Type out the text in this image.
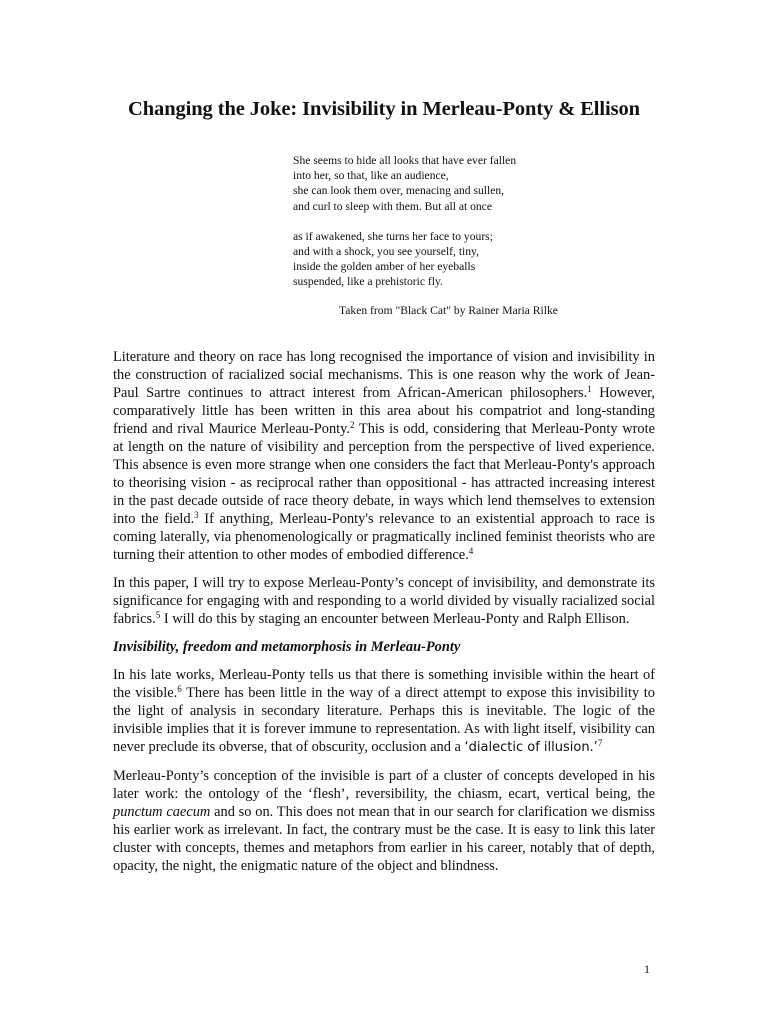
Changing the Joke: Invisibility in Merleau-Ponty & Ellison
She seems to hide all looks that have ever fallen
into her, so that, like an audience,
she can look them over, menacing and sullen,
and curl to sleep with them. But all at once
as if awakened, she turns her face to yours;
and with a shock, you see yourself, tiny,
inside the golden amber of her eyeballs
suspended, like a prehistoric fly.
Taken from "Black Cat" by Rainer Maria Rilke

Literature and theory on race has long recognised the importance of vision and invisibility in the construction of racialized social mechanisms. This is one reason why the work of Jean-Paul Sartre continues to attract interest from African-American philosophers.$^1$ However, comparatively little has been written in this area about his compatriot and long-standing friend and rival Maurice Merleau-Ponty.$^2$ This is odd, considering that Merleau-Ponty wrote at length on the nature of visibility and perception from the perspective of lived experience. This absence is even more strange when one considers the fact that Merleau-Ponty's approach to theorising vision - as reciprocal rather than oppositional - has attracted increasing interest in the past decade outside of race theory debate, in ways which lend themselves to extension into the field.$^3$ If anything, Merleau-Ponty's relevance to an existential approach to race is coming laterally, via phenomenologically or pragmatically inclined feminist theorists who are turning their attention to other modes of embodied difference.$^4$

In this paper, I will try to expose Merleau-Ponty’s concept of invisibility, and demonstrate its significance for engaging with and responding to a world divided by visually racialized social fabrics.$^5$ I will do this by staging an encounter between Merleau-Ponty and Ralph Ellison.

Invisibility, freedom and metamorphosis in Merleau-Ponty

In his late works, Merleau-Ponty tells us that there is something invisible within the heart of the visible.$^6$ There has been little in the way of a direct attempt to expose this invisibility to the light of analysis in secondary literature. Perhaps this is inevitable. The logic of the invisible implies that it is forever immune to representation. As with light itself, visibility can never preclude its obverse, that of obscurity, occlusion and a ‘dialectic of illusion.’$^7$

Merleau-Ponty’s conception of the invisible is part of a cluster of concepts developed in his later work: the ontology of the ‘flesh’, reversibility, the chiasm, ecart, vertical being, the punctum caecum and so on. This does not mean that in our search for clarification we dismiss his earlier work as irrelevant. In fact, the contrary must be the case. It is easy to link this later cluster with concepts, themes and metaphors from earlier in his career, notably that of depth, opacity, the night, the enigmatic nature of the object and blindness.

1
